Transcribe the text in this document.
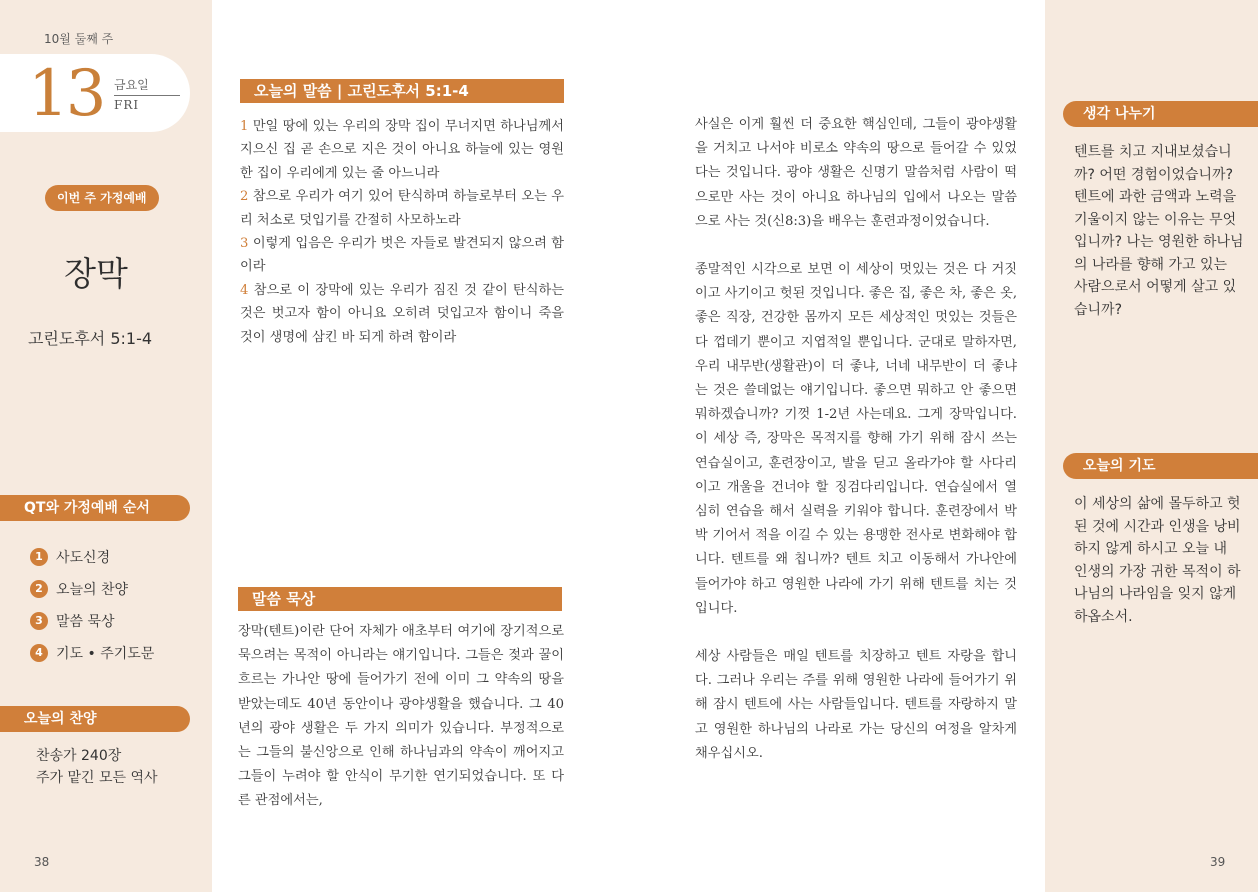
10월 둘째 주
13 금요일
FRI
이번 주 가정예배
장막
고린도후서 5:1-4
QT와 가정예배 순서
1 사도신경
2 오늘의 찬양
3 말씀 묵상
4 기도 • 주기도문
오늘의 찬양
찬송가 240장
주가 맡긴 모든 역사
38
오늘의 말씀 | 고린도후서 5:1-4
1 만일 땅에 있는 우리의 장막 집이 무너지면 하나님께서 지으신 집 곧 손으로 지은 것이 아니요 하늘에 있는 영원한 집이 우리에게 있는 줄 아느니라
2 참으로 우리가 여기 있어 탄식하며 하늘로부터 오는 우리 처소로 덧입기를 간절히 사모하노라
3 이렇게 입음은 우리가 벗은 자들로 발견되지 않으려 함이라
4 참으로 이 장막에 있는 우리가 짐진 것 같이 탄식하는 것은 벗고자 함이 아니요 오히려 덧입고자 함이니 죽을 것이 생명에 삼킨 바 되게 하려 함이라
말씀 묵상
장막(텐트)이란 단어 자체가 애초부터 여기에 장기적으로 묵으려는 목적이 아니라는 얘기입니다. 그들은 젖과 꿀이 흐르는 가나안 땅에 들어가기 전에 이미 그 약속의 땅을 받았는데도 40년 동안이나 광야생활을 했습니다. 그 40년의 광야 생활은 두 가지 의미가 있습니다. 부정적으로는 그들의 불신앙으로 인해 하나님과의 약속이 깨어지고 그들이 누려야 할 안식이 무기한 연기되었습니다. 또 다른 관점에서는,

사실은 이게 훨씬 더 중요한 핵심인데, 그들이 광야생활을 거치고 나서야 비로소 약속의 땅으로 들어갈 수 있었다는 것입니다. 광야 생활은 신명기 말씀처럼 사람이 떡으로만 사는 것이 아니요 하나님의 입에서 나오는 말씀으로 사는 것(신8:3)을 배우는 훈련과정이었습니다.

종말적인 시각으로 보면 이 세상이 멋있는 것은 다 거짓이고 사기이고 헛된 것입니다. 좋은 집, 좋은 차, 좋은 옷, 좋은 직장, 건강한 몸까지 모든 세상적인 멋있는 것들은 다 껍데기 뿐이고 지엽적일 뿐입니다. 군대로 말하자면, 우리 내무반(생활관)이 더 좋냐, 너네 내무반이 더 좋냐는 것은 쓸데없는 얘기입니다. 좋으면 뭐하고 안 좋으면 뭐하겠습니까? 기껏 1-2년 사는데요. 그게 장막입니다. 이 세상 즉, 장막은 목적지를 향해 가기 위해 잠시 쓰는 연습실이고, 훈련장이고, 발을 딛고 올라가야 할 사다리이고 개울을 건너야 할 징검다리입니다. 연습실에서 열심히 연습을 해서 실력을 키워야 합니다. 훈련장에서 박박 기어서 적을 이길 수 있는 용맹한 전사로 변화해야 합니다. 텐트를 왜 칩니까? 텐트 치고 이동해서 가나안에 들어가야 하고 영원한 나라에 가기 위해 텐트를 치는 것입니다.

세상 사람들은 매일 텐트를 치장하고 텐트 자랑을 합니다. 그러나 우리는 주를 위해 영원한 나라에 들어가기 위해 잠시 텐트에 사는 사람들입니다. 텐트를 자랑하지 말고 영원한 하나님의 나라로 가는 당신의 여정을 알차게 채우십시오.

생각 나누기
텐트를 치고 지내보셨습니까? 어떤 경험이었습니까? 텐트에 과한 금액과 노력을 기울이지 않는 이유는 무엇입니까? 나는 영원한 하나님의 나라를 향해 가고 있는 사람으로서 어떻게 살고 있습니까?
오늘의 기도
이 세상의 삶에 몰두하고 헛된 것에 시간과 인생을 낭비하지 않게 하시고 오늘 내 인생의 가장 귀한 목적이 하나님의 나라임을 잊지 않게 하옵소서.
39
